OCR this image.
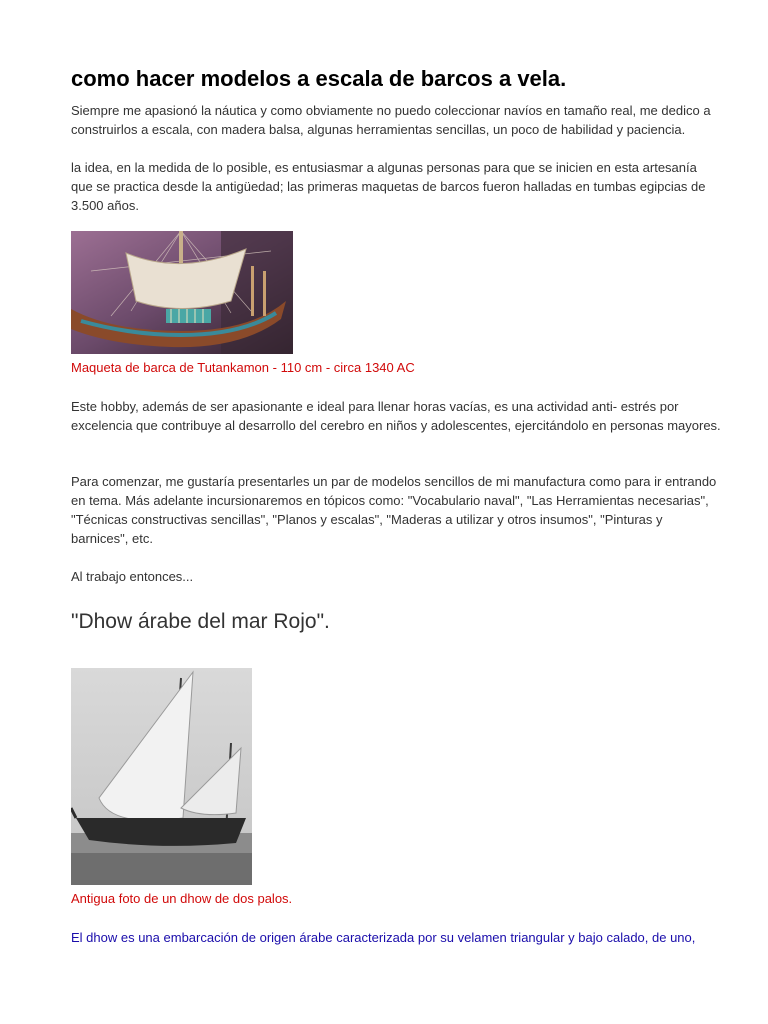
como hacer modelos a escala de barcos a vela.

Siempre me apasionó la náutica y como obviamente no puedo coleccionar navíos en tamaño real, me dedico a construirlos a escala, con madera balsa, algunas herramientas sencillas, un poco de habilidad y paciencia.

la idea, en la medida de lo posible, es entusiasmar a algunas personas para que se inicien en esta artesanía que se practica desde la antigüedad; las primeras maquetas de barcos fueron halladas en tumbas egipcias de 3.500 años.

Maqueta de barca de Tutankamon - 110 cm - circa 1340 AC

Este hobby, además de ser apasionante e ideal para llenar horas vacías, es una actividad anti- estrés por excelencia que contribuye al desarrollo del cerebro en niños y adolescentes, ejercitándolo en personas mayores.

Para comenzar, me gustaría presentarles un par de modelos sencillos de mi manufactura como para ir entrando en tema. Más adelante incursionaremos en tópicos como: "Vocabulario naval", "Las Herramientas necesarias", "Técnicas constructivas sencillas", "Planos y escalas", "Maderas a utilizar y otros insumos", "Pinturas y barnices", etc.

Al trabajo entonces...

"Dhow árabe del mar Rojo".

Antigua foto de un dhow de dos palos.

El dhow es una embarcación de origen árabe caracterizada por su velamen triangular y bajo calado, de uno,
